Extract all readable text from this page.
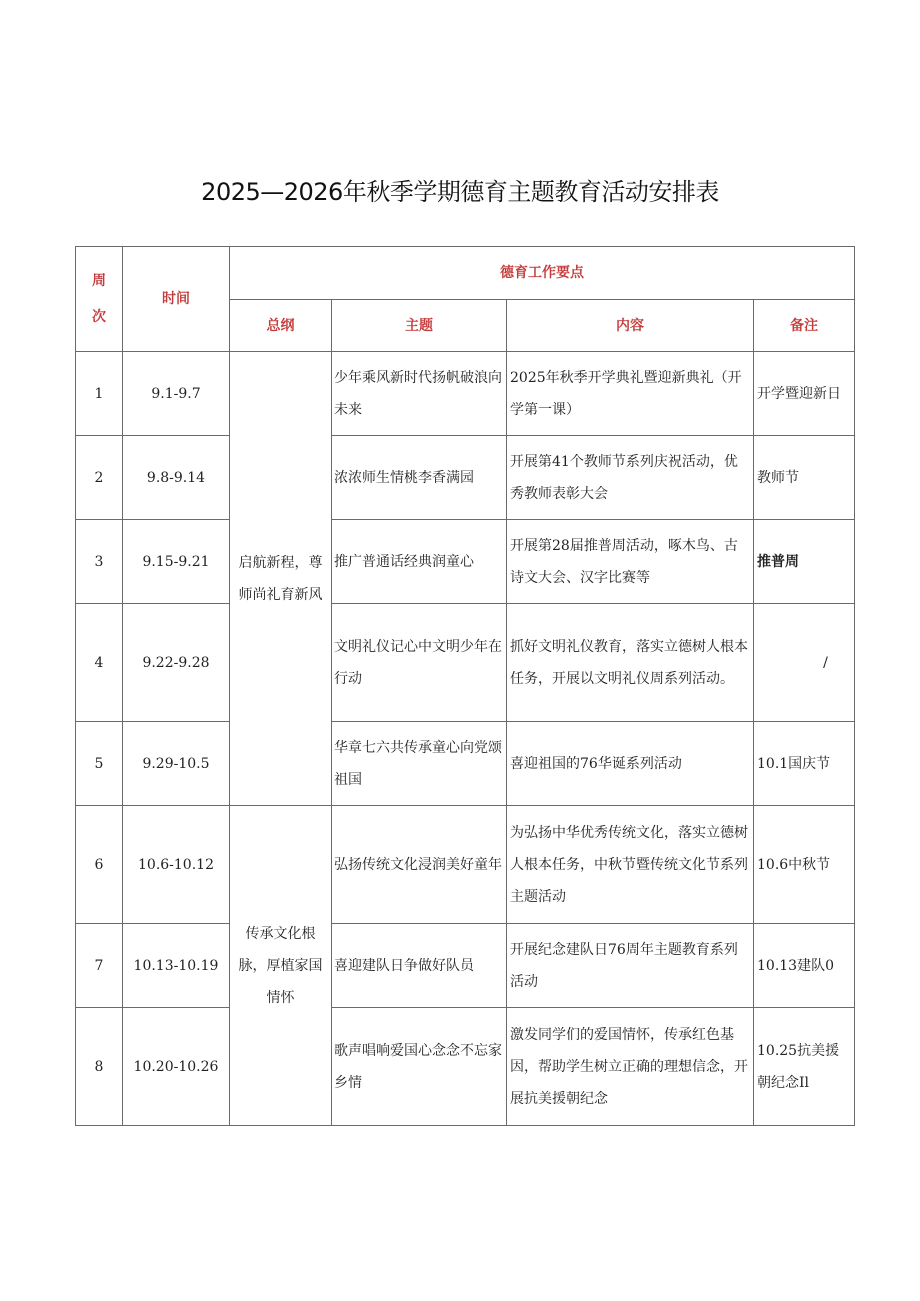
2025—2026年秋季学期德育主题教育活动安排表
周次	时间	德育工作要点			
		总纲	主题	内容	备注
1	9.1-9.7	启航新程，尊师尚礼育新风	少年乘风新时代扬帆破浪向未来	2025年秋季开学典礼暨迎新典礼（开学第一课）	开学暨迎新日
2	9.8-9.14		浓浓师生情桃李香满园	开展第41个教师节系列庆祝活动，优秀教师表彰大会	教师节
3	9.15-9.21		推广普通话经典润童心	开展第28届推普周活动，啄木鸟、古诗文大会、汉字比赛等	推普周
4	9.22-9.28		文明礼仪记心中文明少年在行动	抓好文明礼仪教育，落实立德树人根本任务，开展以文明礼仪周系列活动。	/
5	9.29-10.5		华章七六共传承童心向党颂祖国	喜迎祖国的76华诞系列活动	10.1国庆节
6	10.6-10.12	传承文化根脉，厚植家国情怀	弘扬传统文化浸润美好童年	为弘扬中华优秀传统文化，落实立德树人根本任务，中秋节暨传统文化节系列主题活动	10.6中秋节
7	10.13-10.19		喜迎建队日争做好队员	开展纪念建队日76周年主题教育系列活动	10.13建队0
8	10.20-10.26		歌声唱响爱国心念念不忘家乡情	激发同学们的爱国情怀，传承红色基因，帮助学生树立正确的理想信念，开展抗美援朝纪念	10.25抗美援朝纪念Il
